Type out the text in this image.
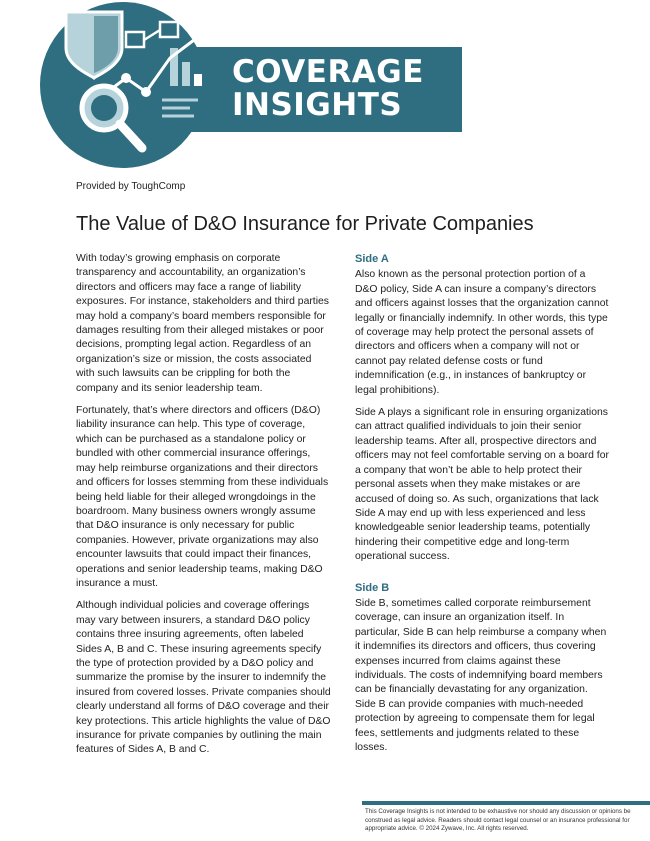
COVERAGE
INSIGHTS
Provided by ToughComp
The Value of D&O Insurance for Private Companies

With today’s growing emphasis on corporate transparency and accountability, an organization’s directors and officers may face a range of liability exposures. For instance, stakeholders and third parties may hold a company’s board members responsible for damages resulting from their alleged mistakes or poor decisions, prompting legal action. Regardless of an organization’s size or mission, the costs associated with such lawsuits can be crippling for both the company and its senior leadership team.

Fortunately, that’s where directors and officers (D&O) liability insurance can help. This type of coverage, which can be purchased as a standalone policy or bundled with other commercial insurance offerings, may help reimburse organizations and their directors and officers for losses stemming from these individuals being held liable for their alleged wrongdoings in the boardroom. Many business owners wrongly assume that D&O insurance is only necessary for public companies. However, private organizations may also encounter lawsuits that could impact their finances, operations and senior leadership teams, making D&O insurance a must.

Although individual policies and coverage offerings may vary between insurers, a standard D&O policy contains three insuring agreements, often labeled Sides A, B and C. These insuring agreements specify the type of protection provided by a D&O policy and summarize the promise by the insurer to indemnify the insured from covered losses. Private companies should clearly understand all forms of D&O coverage and their key protections. This article highlights the value of D&O insurance for private companies by outlining the main features of Sides A, B and C.

Side A

Also known as the personal protection portion of a D&O policy, Side A can insure a company’s directors and officers against losses that the organization cannot legally or financially indemnify. In other words, this type of coverage may help protect the personal assets of directors and officers when a company will not or cannot pay related defense costs or fund indemnification (e.g., in instances of bankruptcy or legal prohibitions).

Side A plays a significant role in ensuring organizations can attract qualified individuals to join their senior leadership teams. After all, prospective directors and officers may not feel comfortable serving on a board for a company that won’t be able to help protect their personal assets when they make mistakes or are accused of doing so. As such, organizations that lack Side A may end up with less experienced and less knowledgeable senior leadership teams, potentially hindering their competitive edge and long-term operational success.

Side B

Side B, sometimes called corporate reimbursement coverage, can insure an organization itself. In particular, Side B can help reimburse a company when it indemnifies its directors and officers, thus covering expenses incurred from claims against these individuals. The costs of indemnifying board members can be financially devastating for any organization. Side B can provide companies with much-needed protection by agreeing to compensate them for legal fees, settlements and judgments related to these losses.

This Coverage Insights is not intended to be exhaustive nor should any discussion or opinions be construed as legal advice. Readers should contact legal counsel or an insurance professional for appropriate advice. © 2024 Zywave, Inc. All rights reserved.
